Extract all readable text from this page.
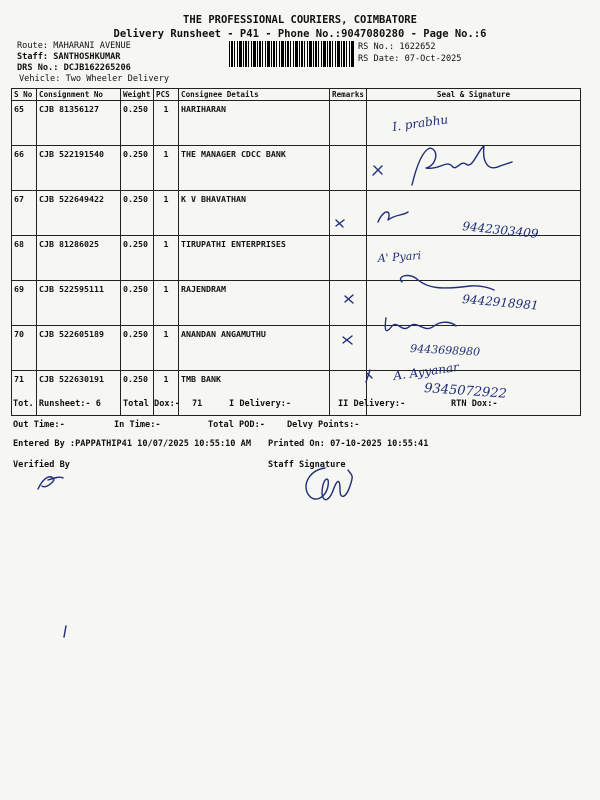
THE PROFESSIONAL COURIERS, COIMBATORE
Delivery Runsheet - P41 - Phone No.:9047080280 - Page No.:6
Route: MAHARANI AVENUE
Staff: SANTHOSHKUMAR
DRS No.: DCJB162265206
Vehicle: Two Wheeler Delivery
RS No.: 1622652
RS Date: 07-Oct-2025
S No	Consignment No	Weight	PCS	Consignee Details	Remarks	Seal & Signature
65	CJB 81356127	0.250	1	HARIHARAN		
66	CJB 522191540	0.250	1	THE MANAGER CDCC BANK		
67	CJB 522649422	0.250	1	K V BHAVATHAN		
68	CJB 81286025	0.250	1	TIRUPATHI ENTERPRISES		
69	CJB 522595111	0.250	1	RAJENDRAM		
70	CJB 522605189	0.250	1	ANANDAN ANGAMUTHU		
71	CJB 522630191	0.250	1	TMB BANK		
Tot. Runsheet:- 6	Total Dox:- 71	I Delivery:-	II Delivery:-	RTN Dox:-
Out Time:-	In Time:-	Total POD:-	Delvy Points:-
Entered By :PAPPATHIP41 10/07/2025 10:55:10 AM Printed On: 07-10-2025 10:55:41
Verified By	Staff Signature
I. prabhu
9442303409
A' Pyari
9442918981
9443698980
A. Ayyanar
9345072922
